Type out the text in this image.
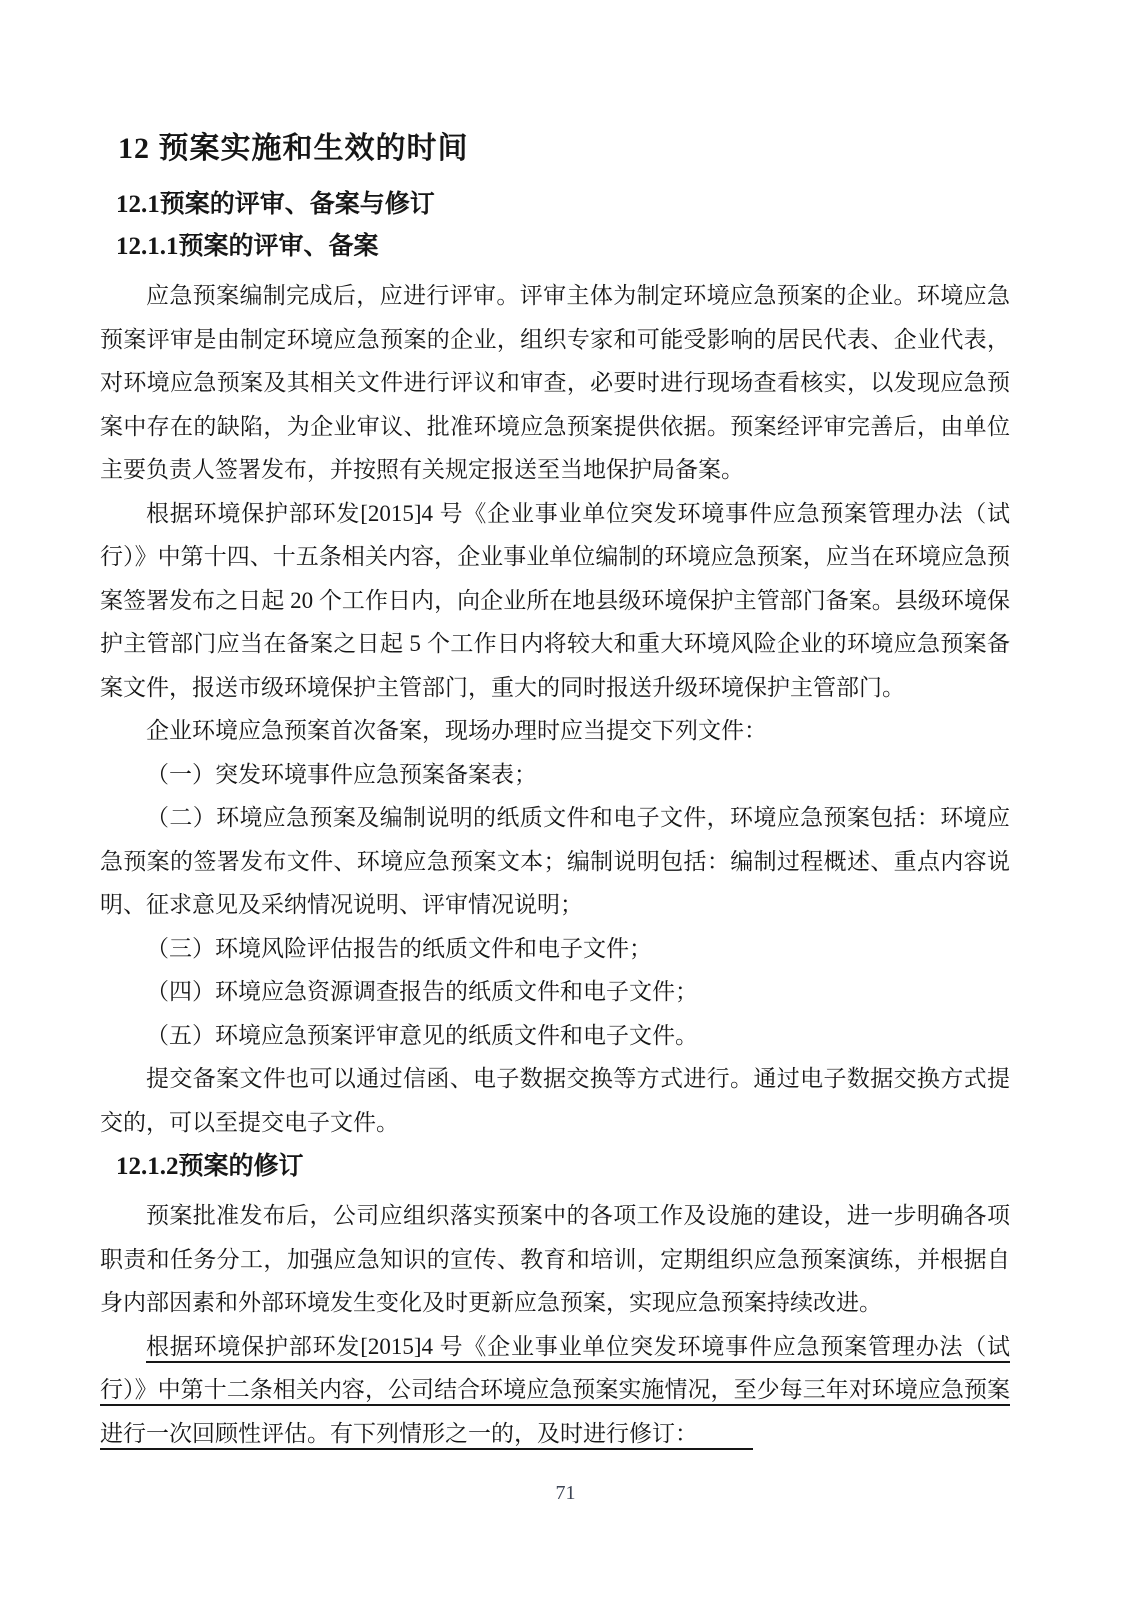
12 预案实施和生效的时间
12.1预案的评审、备案与修订
12.1.1预案的评审、备案

应急预案编制完成后，应进行评审。评审主体为制定环境应急预案的企业。环境应急预案评审是由制定环境应急预案的企业，组织专家和可能受影响的居民代表、企业代表，对环境应急预案及其相关文件进行评议和审查，必要时进行现场查看核实，以发现应急预案中存在的缺陷，为企业审议、批准环境应急预案提供依据。预案经评审完善后，由单位主要负责人签署发布，并按照有关规定报送至当地保护局备案。

根据环境保护部环发[2015]4 号《企业事业单位突发环境事件应急预案管理办法（试行）》中第十四、十五条相关内容，企业事业单位编制的环境应急预案，应当在环境应急预案签署发布之日起 20 个工作日内，向企业所在地县级环境保护主管部门备案。县级环境保护主管部门应当在备案之日起 5 个工作日内将较大和重大环境风险企业的环境应急预案备案文件，报送市级环境保护主管部门，重大的同时报送升级环境保护主管部门。

企业环境应急预案首次备案，现场办理时应当提交下列文件：

（一）突发环境事件应急预案备案表；

（二）环境应急预案及编制说明的纸质文件和电子文件，环境应急预案包括：环境应急预案的签署发布文件、环境应急预案文本；编制说明包括：编制过程概述、重点内容说明、征求意见及采纳情况说明、评审情况说明；

（三）环境风险评估报告的纸质文件和电子文件；

（四）环境应急资源调查报告的纸质文件和电子文件；

（五）环境应急预案评审意见的纸质文件和电子文件。

提交备案文件也可以通过信函、电子数据交换等方式进行。通过电子数据交换方式提交的，可以至提交电子文件。

12.1.2预案的修订

预案批准发布后，公司应组织落实预案中的各项工作及设施的建设，进一步明确各项职责和任务分工，加强应急知识的宣传、教育和培训，定期组织应急预案演练，并根据自身内部因素和外部环境发生变化及时更新应急预案，实现应急预案持续改进。

根据环境保护部环发[2015]4 号《企业事业单位突发环境事件应急预案管理办法（试行）》中第十二条相关内容，公司结合环境应急预案实施情况，至少每三年对环境应急预案进行一次回顾性评估。有下列情形之一的，及时进行修订：

71
